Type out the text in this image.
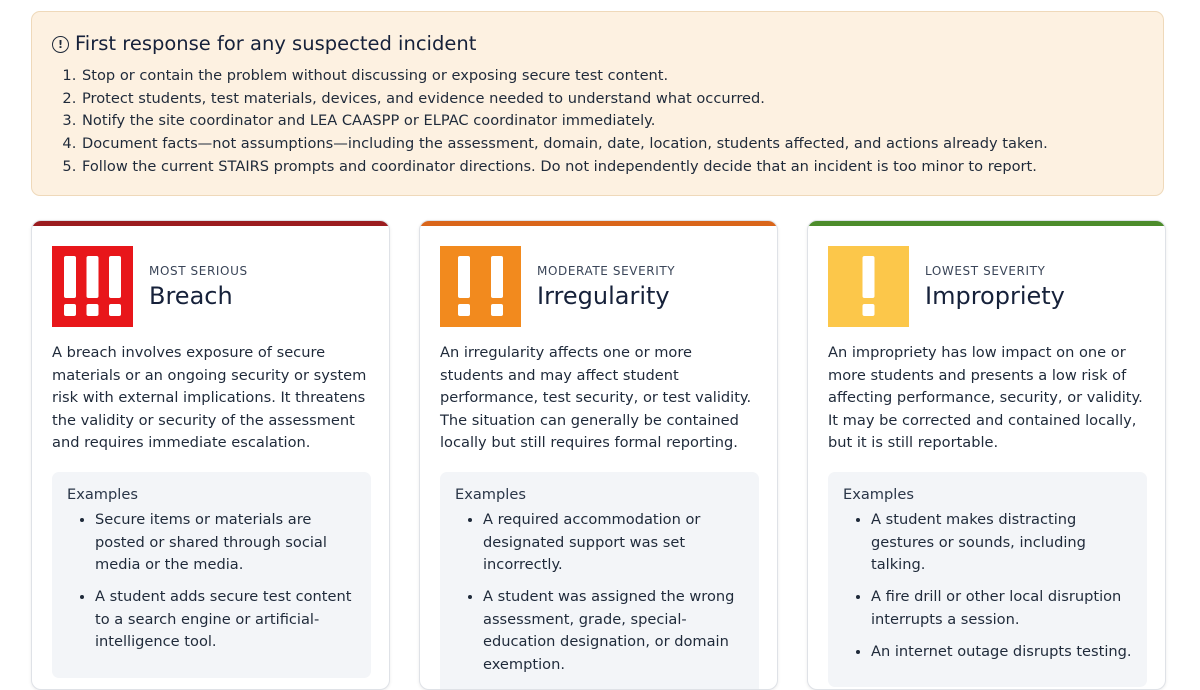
! First response for any suspected incident
1. Stop or contain the problem without discussing or exposing secure test content.
2. Protect students, test materials, devices, and evidence needed to understand what occurred.
3. Notify the site coordinator and LEA CAASPP or ELPAC coordinator immediately.
4. Document facts—not assumptions—including the assessment, domain, date, location, students affected, and actions already taken.
5. Follow the current STAIRS prompts and coordinator directions. Do not independently decide that an incident is too minor to report.
MOST SERIOUS
Breach
A breach involves exposure of secure materials or an ongoing security or system risk with external implications. It threatens the validity or security of the assessment and requires immediate escalation.
Examples
• Secure items or materials are posted or shared through social media or the media.
• A student adds secure test content to a search engine or artificial-intelligence tool.
MODERATE SEVERITY
Irregularity
An irregularity affects one or more students and may affect student performance, test security, or test validity. The situation can generally be contained locally but still requires formal reporting.
Examples
• A required accommodation or designated support was set incorrectly.
• A student was assigned the wrong assessment, grade, special-education designation, or domain exemption.
LOWEST SEVERITY
Impropriety
An impropriety has low impact on one or more students and presents a low risk of affecting performance, security, or validity. It may be corrected and contained locally, but it is still reportable.
Examples
• A student makes distracting gestures or sounds, including talking.
• A fire drill or other local disruption interrupts a session.
• An internet outage disrupts testing.
